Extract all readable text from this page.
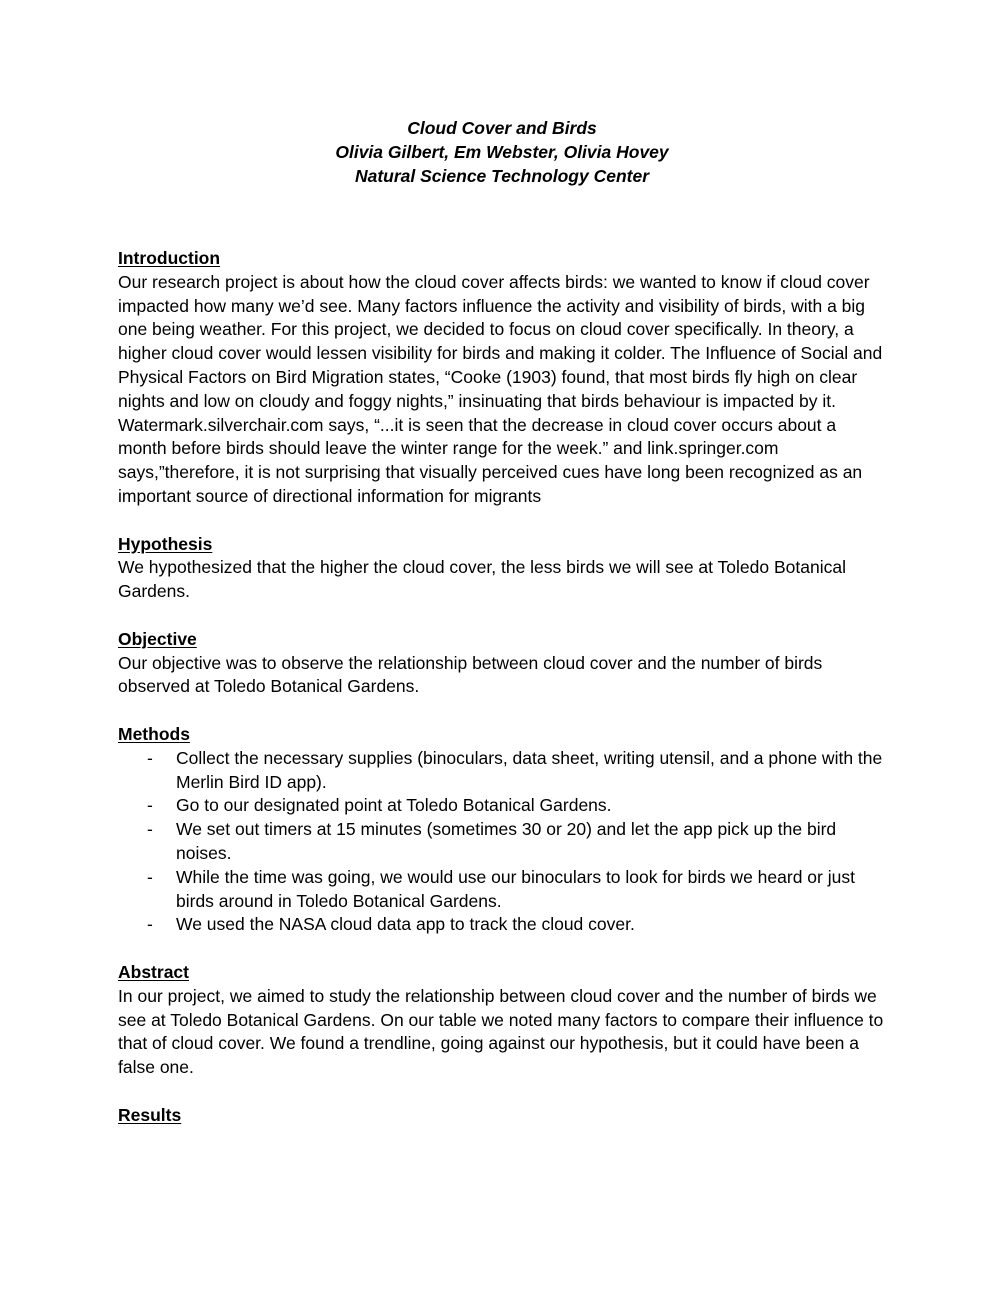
Cloud Cover and Birds
Olivia Gilbert, Em Webster, Olivia Hovey
Natural Science Technology Center

Introduction

Our research project is about how the cloud cover affects birds: we wanted to know if cloud cover impacted how many we’d see. Many factors influence the activity and visibility of birds, with a big one being weather. For this project, we decided to focus on cloud cover specifically. In theory, a higher cloud cover would lessen visibility for birds and making it colder. The Influence of Social and Physical Factors on Bird Migration states, “Cooke (1903) found, that most birds fly high on clear nights and low on cloudy and foggy nights,” insinuating that birds behaviour is impacted by it. Watermark.silverchair.com says, “...it is seen that the decrease in cloud cover occurs about a month before birds should leave the winter range for the week.” and link.springer.com says,”therefore, it is not surprising that visually perceived cues have long been recognized as an important source of directional information for migrants

Hypothesis

We hypothesized that the higher the cloud cover, the less birds we will see at Toledo Botanical Gardens.

Objective

Our objective was to observe the relationship between cloud cover and the number of birds observed at Toledo Botanical Gardens.

Methods

- Collect the necessary supplies (binoculars, data sheet, writing utensil, and a phone with the Merlin Bird ID app).
- Go to our designated point at Toledo Botanical Gardens.
- We set out timers at 15 minutes (sometimes 30 or 20) and let the app pick up the bird noises.
- While the time was going, we would use our binoculars to look for birds we heard or just birds around in Toledo Botanical Gardens.
- We used the NASA cloud data app to track the cloud cover.

Abstract

In our project, we aimed to study the relationship between cloud cover and the number of birds we see at Toledo Botanical Gardens. On our table we noted many factors to compare their influence to that of cloud cover. We found a trendline, going against our hypothesis, but it could have been a false one.

Results
